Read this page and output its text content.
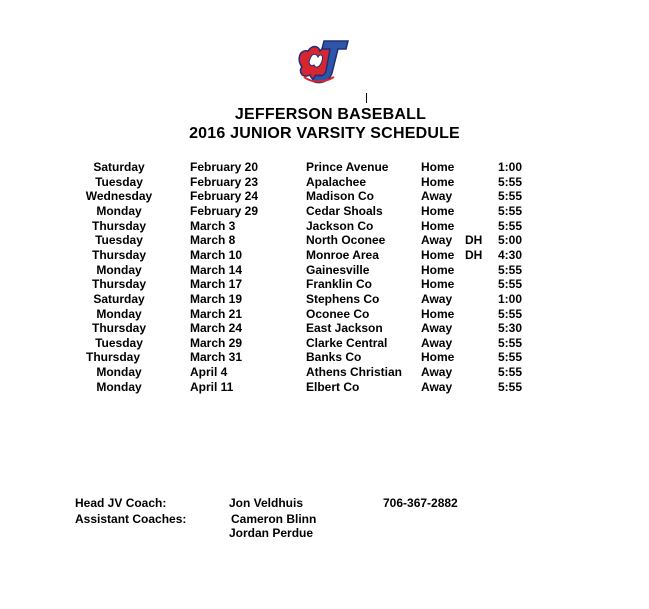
JEFFERSON BASEBALL
2016 JUNIOR VARSITY SCHEDULE
Saturday	February 20	Prince Avenue	Home	1:00
Tuesday	February 23	Apalachee	Home	5:55
Wednesday	February 24	Madison Co	Away	5:55
Monday	February 29	Cedar Shoals	Home	5:55
Thursday	March 3	Jackson Co	Home	5:55
Tuesday	March 8	North Oconee	Away DH 5:00
Thursday	March 10	Monroe Area	Home DH 4:30
Monday	March 14	Gainesville	Home	5:55
Thursday	March 17	Franklin Co	Home	5:55
Saturday	March 19	Stephens Co	Away	1:00
Monday	March 21	Oconee Co	Home	5:55
Thursday	March 24	East Jackson	Away	5:30
Tuesday	March 29	Clarke Central	Away	5:55
Thursday	March 31	Banks Co	Home	5:55
Monday	April 4	Athens Christian Away	5:55
Monday	April 11	Elbert Co	Away	5:55
Head JV Coach:	Jon Veldhuis	706-367-2882
Assistant Coaches:	Cameron Blinn
Jordan Perdue
